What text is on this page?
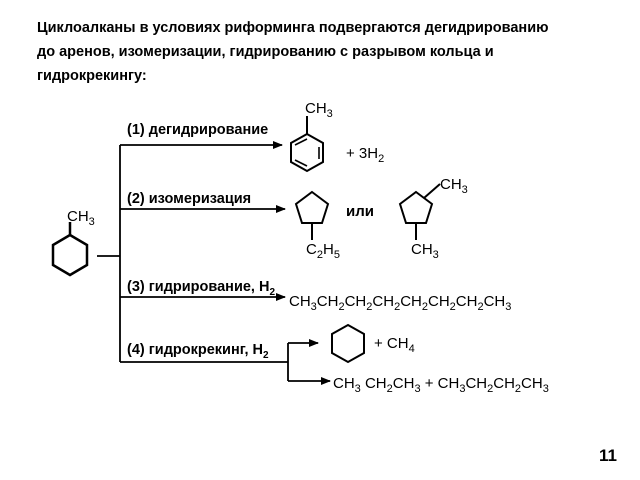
Циклоалканы в условиях риформинга подвергаются дегидрированию
до аренов, изомеризации, гидрированию с разрывом кольца и
гидрокрекингу:
$CH_3$
(1) дегидрирование
(2) изомеризация
(3) гидрирование, $H_2$
(4) гидрокрекинг, $H_2$
$CH_3$
+ $3H_2$
$C_2H_5$
или
$CH_3$
$CH_3$
$CH_3CH_2CH_2CH_2CH_2CH_2CH_2CH_3$
+ $CH_4$
$CH_3$ $CH_2CH_3 + CH_3CH_2CH_2CH_3$
11
